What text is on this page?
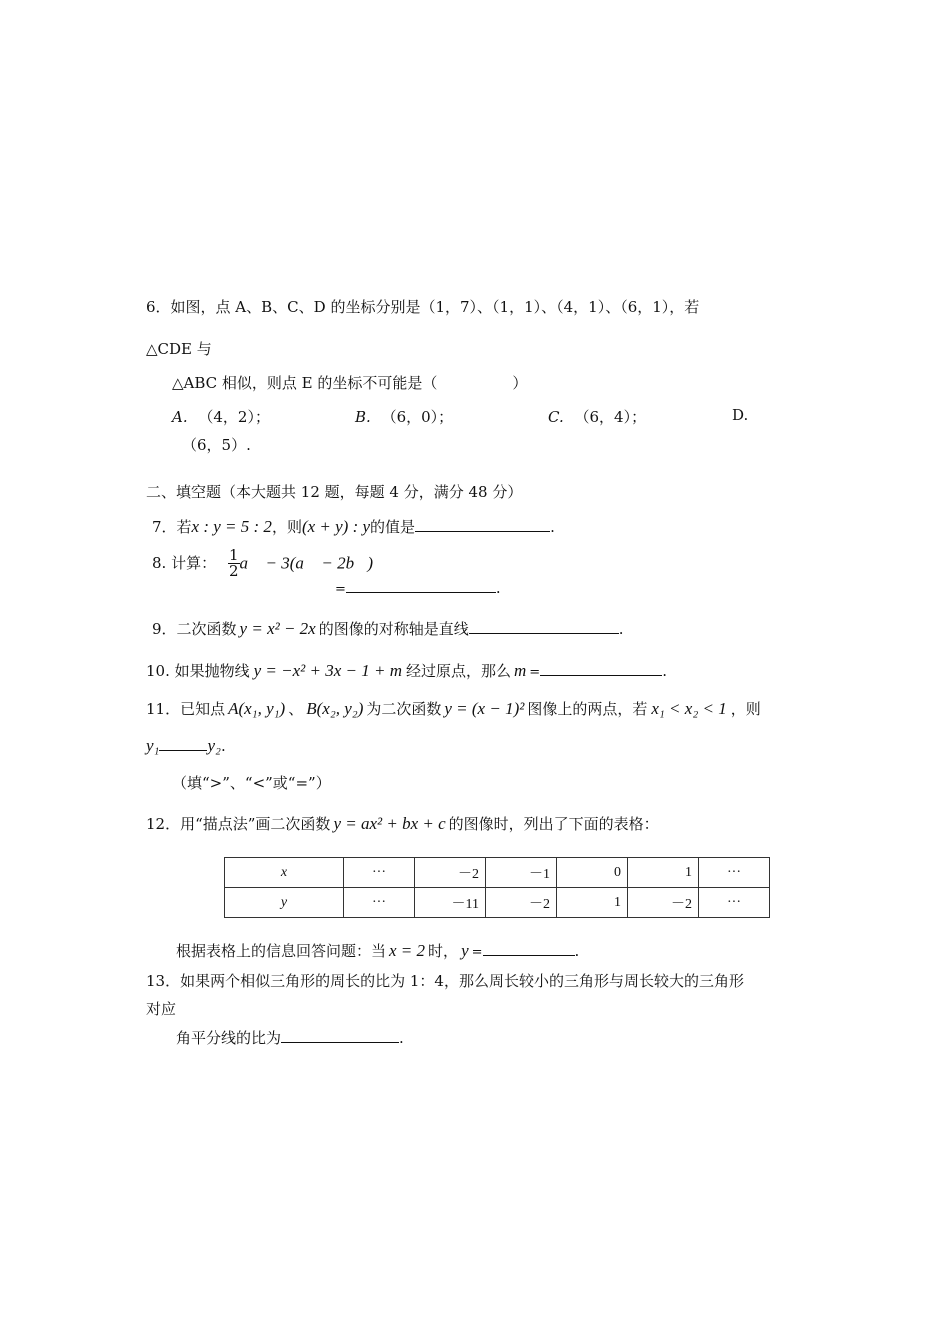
6．如图，点 A、B、C、D 的坐标分别是（1，7）、（1，1）、（4，1）、（6，1），若
△CDE 与
△ABC 相似，则点 E 的坐标不可能是（　　　　　）
A. （4，2）；	B. （6，0）；	C. （6，4）；	D.
（6，5）.
二、填空题（本大题共 12 题，每题 4 分，满分 48 分）
7．若x : y = 5 : 2，则(x + y) : y的值是	.
8. 计算： $\frac{1}{2}$ a⃗ − 3(a⃗ − 2b⃗)
=	.
9．二次函数 y = x² − 2x 的图像的对称轴是直线	.
10. 如果抛物线 y = −x² + 3x − 1 + m 经过原点，那么 m =	.
11．已知点 A(x₁, y₁) 、 B(x₂, y₂) 为二次函数 y = (x − 1)² 图像上的两点，若 x₁ < x₂ < 1 ，则
y₁	y₂.
（填“>”、“<”或“=”）
12．用“描点法”画二次函数 y = ax² + bx + c 的图像时，列出了下面的表格：
x	···	－2	－1	0	1	···
y	···	－11	－2	1	－2	···
根据表格上的信息回答问题：当 x = 2 时， y =	.
13．如果两个相似三角形的周长的比为 1：4，那么周长较小的三角形与周长较大的三角形
对应
角平分线的比为	.
